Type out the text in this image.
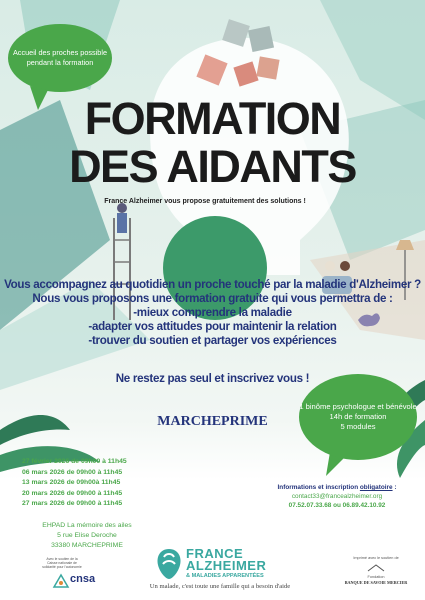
Accueil des proches possible
pendant la formation
FORMATION
DES AIDANTS
France Alzheimer vous propose gratuitement des solutions !
Vous accompagnez au quotidien un proche touché par la maladie d'Alzheimer ?
Nous vous proposons une formation gratuite qui vous permettra de :
-mieux comprendre la maladie
-adapter vos attitudes pour maintenir la relation
-trouver du soutien et partager vos expériences
Ne restez pas seul et inscrivez vous !
1 binôme psychologue et bénévole
14h de formation
5 modules
MARCHEPRIME
27 février 2026 de 09h00 à 11h45
06 mars 2026 de 09h00 à 11h45
13 mars 2026 de 09h00à 11h45
20 mars 2026 de 09h00 à 11h45
27 mars 2026 de 09h00 à 11h45
Informations et inscription obligatoire :
contact33@francealzheimer.org
07.52.07.33.68 ou 06.89.42.10.92
EHPAD La mémoire des ailes
5 rue Elise Deroche
33380 MARCHEPRIME
Avec le soutien de la
Caisse nationale de
solidarité pour l'autonomie
cnsa
FRANCE
ALZHEIMER
& MALADIES APPARENTÉES
Un malade, c'est toute une famille qui a besoin d'aide
Imprimé avec le soutien de
Fondation
BANQUE DE SAVOIE MERCIER
